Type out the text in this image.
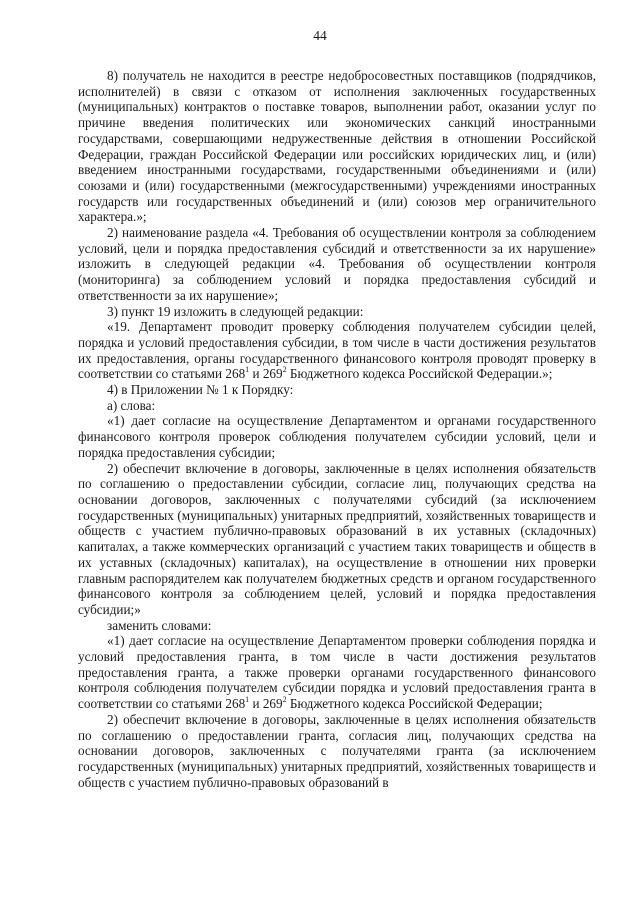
44

8) получатель не находится в реестре недобросовестных поставщиков (подрядчиков, исполнителей) в связи с отказом от исполнения заключенных государственных (муниципальных) контрактов о поставке товаров, выполнении работ, оказании услуг по причине введения политических или экономических санкций иностранными государствами, совершающими недружественные действия в отношении Российской Федерации, граждан Российской Федерации или российских юридических лиц, и (или) введением иностранными государствами, государственными объединениями и (или) союзами и (или) государственными (межгосударственными) учреждениями иностранных государств или государственных объединений и (или) союзов мер ограничительного характера.»;

2) наименование раздела «4. Требования об осуществлении контроля за соблюдением условий, цели и порядка предоставления субсидий и ответственности за их нарушение» изложить в следующей редакции «4. Требования об осуществлении контроля (мониторинга) за соблюдением условий и порядка предоставления субсидий и ответственности за их нарушение»;

3) пункт 19 изложить в следующей редакции:

«19. Департамент проводит проверку соблюдения получателем субсидии целей, порядка и условий предоставления субсидии, в том числе в части достижения результатов их предоставления, органы государственного финансового контроля проводят проверку в соответствии со статьями $268^1$ и $269^2$ Бюджетного кодекса Российской Федерации.»;

4) в Приложении № 1 к Порядку:

а) слова:

«1) дает согласие на осуществление Департаментом и органами государственного финансового контроля проверок соблюдения получателем субсидии условий, цели и порядка предоставления субсидии;

2) обеспечит включение в договоры, заключенные в целях исполнения обязательств по соглашению о предоставлении субсидии, согласие лиц, получающих средства на основании договоров, заключенных с получателями субсидий (за исключением государственных (муниципальных) унитарных предприятий, хозяйственных товариществ и обществ с участием публично-правовых образований в их уставных (складочных) капиталах, а также коммерческих организаций с участием таких товариществ и обществ в их уставных (складочных) капиталах), на осуществление в отношении них проверки главным распорядителем как получателем бюджетных средств и органом государственного финансового контроля за соблюдением целей, условий и порядка предоставления субсидии;»

заменить словами:

«1) дает согласие на осуществление Департаментом проверки соблюдения порядка и условий предоставления гранта, в том числе в части достижения результатов предоставления гранта, а также проверки органами государственного финансового контроля соблюдения получателем субсидии порядка и условий предоставления гранта в соответствии со статьями $268^1$ и $269^2$ Бюджетного кодекса Российской Федерации;

2) обеспечит включение в договоры, заключенные в целях исполнения обязательств по соглашению о предоставлении гранта, согласия лиц, получающих средства на основании договоров, заключенных с получателями гранта (за исключением государственных (муниципальных) унитарных предприятий, хозяйственных товариществ и обществ с участием публично-правовых образований в
